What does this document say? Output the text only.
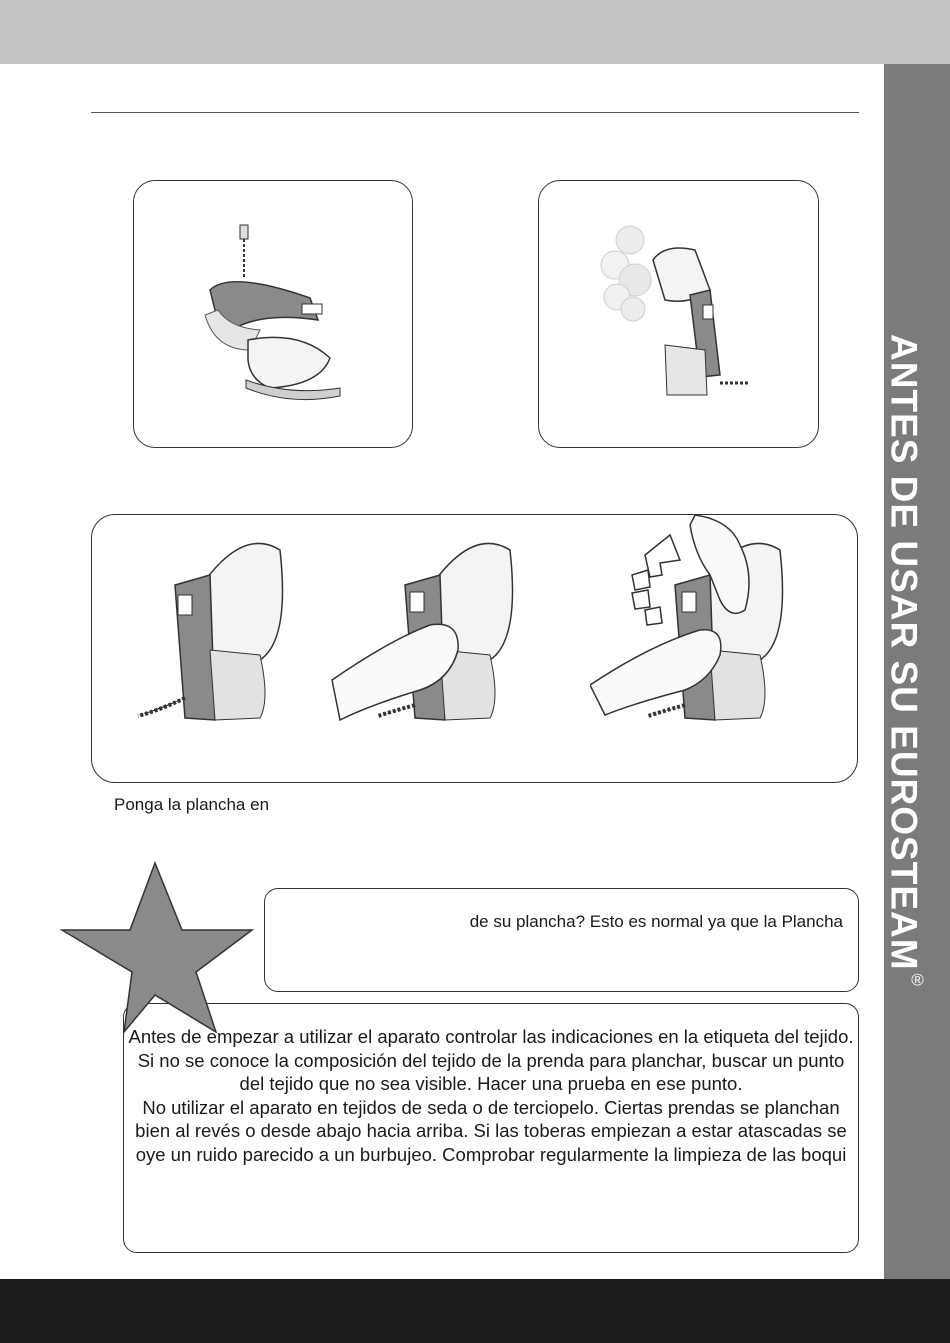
ANTES DE USAR SU EUROSTEAM®
Ponga la plancha en
de su plancha? Esto es normal ya que la Plancha
Antes de empezar a utilizar el aparato controlar las indicaciones en la etiqueta del tejido.
Si no se conoce la composición del tejido de la prenda para planchar, buscar un punto
del tejido que no sea visible. Hacer una prueba en ese punto.
No utilizar el aparato en tejidos de seda o de terciopelo. Ciertas prendas se planchan
bien al revés o desde abajo hacia arriba. Si las toberas empiezan a estar atascadas se
oye un ruido parecido a un burbujeo. Comprobar regularmente la limpieza de las boqui
